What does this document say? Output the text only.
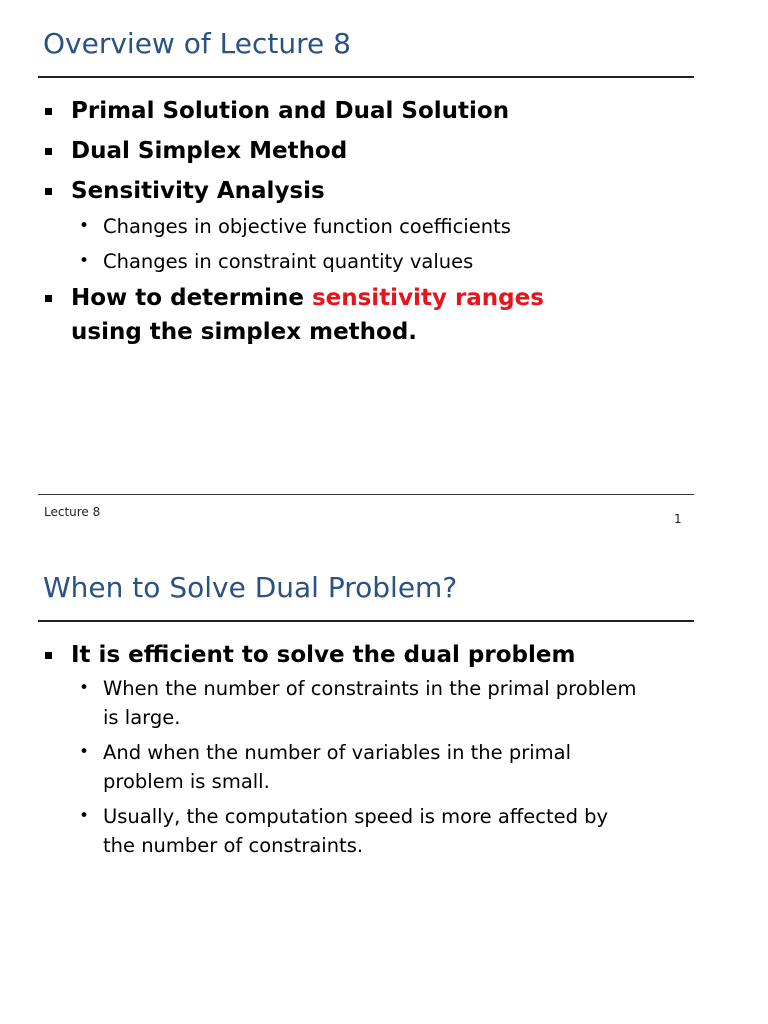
Overview of Lecture 8
Primal Solution and Dual Solution
Dual Simplex Method
Sensitivity Analysis
• Changes in objective function coefficients
• Changes in constraint quantity values
How to determine sensitivity ranges using the simplex method.
Lecture 8	1
When to Solve Dual Problem?
It is efficient to solve the dual problem
• When the number of constraints in the primal problem is large.
• And when the number of variables in the primal problem is small.
• Usually, the computation speed is more affected by the number of constraints.
